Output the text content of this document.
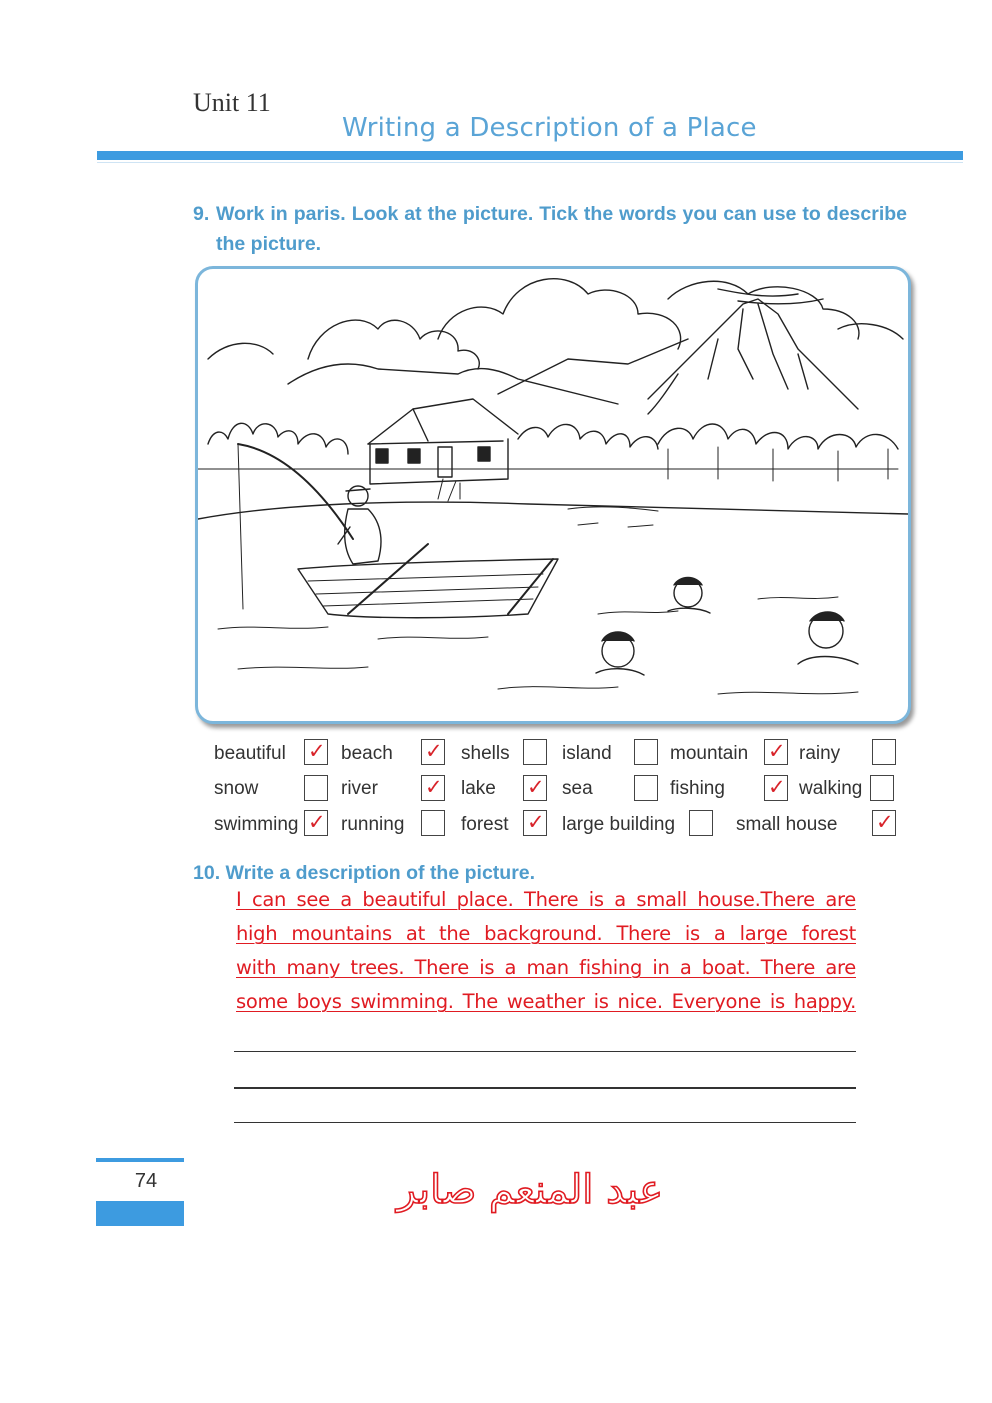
Unit 11
Writing a Description of a Place
9. Work in paris. Look at the picture. Tick the words you can use to describe the picture.
beautiful ✓ beach ✓ shells	island	mountain ✓ rainy
snow	river ✓ lake ✓ sea	fishing ✓ walking
swimming ✓ running	forest ✓ large building	small house ✓
10. Write a description of the picture.
I can see a beautiful place. There is a small house.There are
high mountains at the background. There is a large forest
with many trees. There is a man fishing in a boat. There are
some boys swimming. The weather is nice. Everyone is happy.
74	عبد المنعم صابر
